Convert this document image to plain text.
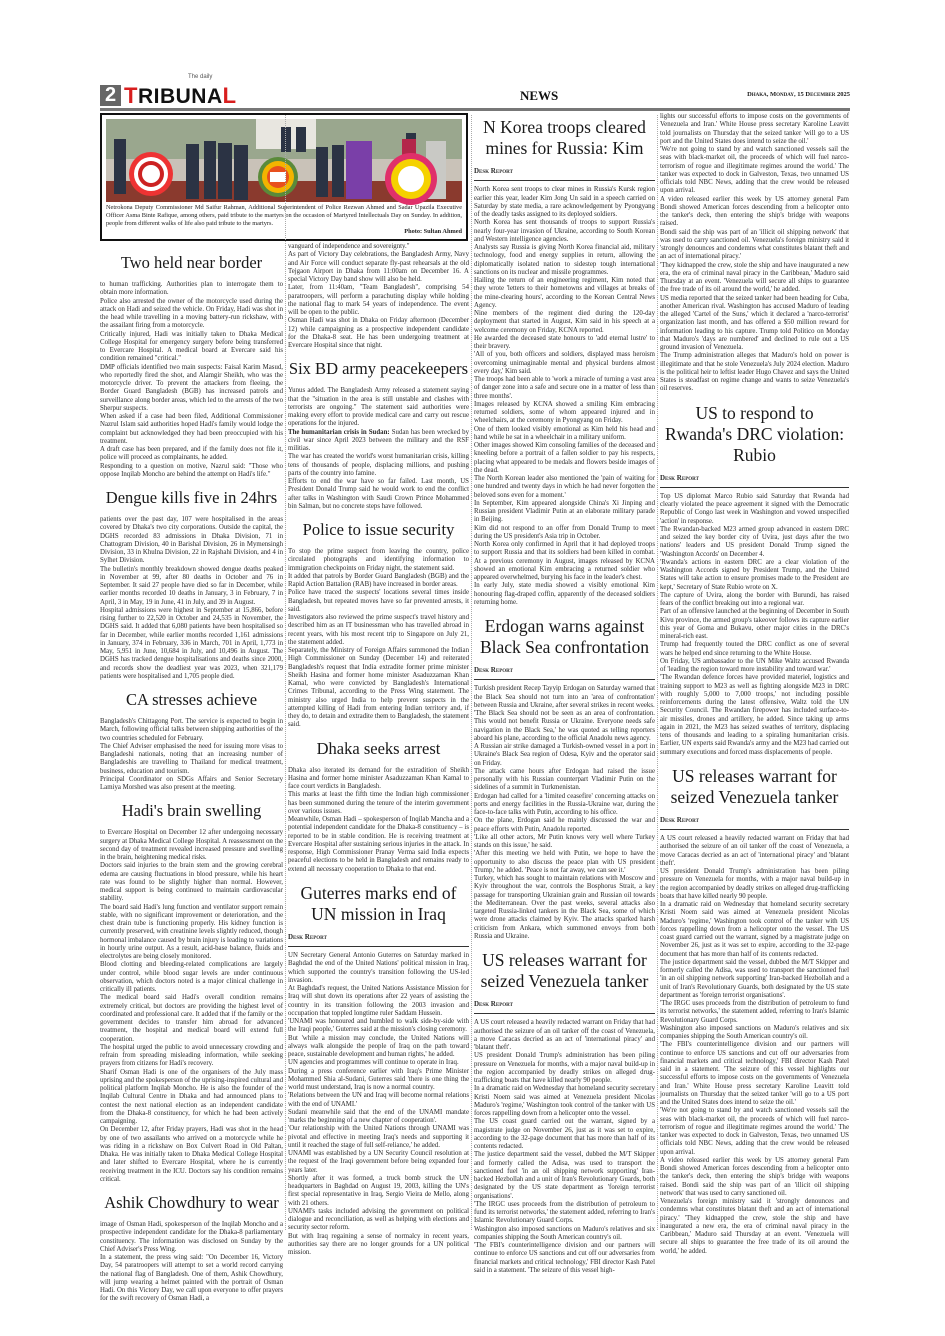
2
The daily
TRIBUNAL	NEWS	Dhaka, Monday, 15 December 2025
Netrokona Deputy Commissioner Md Saifur Rahman, Additional Superintendent of Police Rezwan Ahmed and Sadar Upazila Executive Officer Asma Binte Rafique, among others, paid tribute to the martyrs on the occasion of Martyred Intellectuals Day on Sunday. In addition, people from different walks of life also paid tribute to the martyrs.
Photo: Sultan Ahmed
Two held near border

to human trafficking. Authorities plan to interrogate them to obtain more information.

Police also arrested the owner of the motorcycle used during the attack on Hadi and seized the vehicle. On Friday, Hadi was shot in the head while travelling in a moving battery-run rickshaw, with the assailant firing from a motorcycle.

Critically injured, Hadi was initially taken to Dhaka Medical College Hospital for emergency surgery before being transferred to Evercare Hospital. A medical board at Evercare said his condition remained "critical."

DMP officials identified two main suspects: Faisal Karim Masud, who reportedly fired the shot, and Alamgir Sheikh, who was the motorcycle driver. To prevent the attackers from fleeing, the Border Guard Bangladesh (BGB) has increased patrols and surveillance along border areas, which led to the arrests of the two Sherpur suspects.

When asked if a case had been filed, Additional Commissioner Nazrul Islam said authorities hoped Hadi's family would lodge the complaint but acknowledged they had been preoccupied with his treatment.

A draft case has been prepared, and if the family does not file it, police will proceed as complainants, he added.

Responding to a question on motive, Nazrul said: "Those who oppose Inqilab Moncho are behind the attempt on Hadi's life."

Dengue kills five in 24hrs

patients over the past day, 107 were hospitalised in the areas covered by Dhaka's two city corporations. Outside the capital, the DGHS recorded 83 admissions in Dhaka Division, 71 in Chattogram Division, 40 in Barishal Division, 26 in Mymensingh Division, 33 in Khulna Division, 22 in Rajshahi Division, and 4 in Sylhet Division.

The bulletin's monthly breakdown showed dengue deaths peaked in November at 99, after 80 deaths in October and 76 in September. It said 27 people have died so far in December, while earlier months recorded 10 deaths in January, 3 in February, 7 in April, 3 in May, 19 in June, 41 in July, and 39 in August.

Hospital admissions were highest in September at 15,866, before rising further to 22,520 in October and 24,535 in November, the DGHS said. It added that 6,080 patients have been hospitalised so far in December, while earlier months recorded 1,161 admissions in January, 374 in February, 336 in March, 701 in April, 1,773 in May, 5,951 in June, 10,684 in July, and 10,496 in August. The DGHS has tracked dengue hospitalisations and deaths since 2000, and records show the deadliest year was 2023, when 321,179 patients were hospitalised and 1,705 people died.

CA stresses achieve

Bangladesh's Chittagong Port. The service is expected to begin in March, following official talks between shipping authorities of the two countries scheduled for February.

The Chief Adviser emphasised the need for issuing more visas to Bangladeshi nationals, noting that an increasing number of Bangladeshis are travelling to Thailand for medical treatment, business, education and tourism.

Principal Coordinator on SDGs Affairs and Senior Secretary Lamiya Morshed was also present at the meeting.

Hadi's brain swelling

to Evercare Hospital on December 12 after undergoing necessary surgery at Dhaka Medical College Hospital. A reassessment on the second day of treatment revealed increased pressure and swelling in the brain, heightening medical risks.

Doctors said injuries to the brain stem and the growing cerebral edema are causing fluctuations in blood pressure, while his heart rate was found to be slightly higher than normal. However, medical support is being continued to maintain cardiovascular stability.

The board said Hadi's lung function and ventilator support remain stable, with no significant improvement or deterioration, and the chest drain tube is functioning properly. His kidney function is currently preserved, with creatinine levels slightly reduced, though hormonal imbalance caused by brain injury is leading to variations in hourly urine output. As a result, acid-base balance, fluids and electrolytes are being closely monitored.

Blood clotting and bleeding-related complications are largely under control, while blood sugar levels are under continuous observation, which doctors noted is a major clinical challenge in critically ill patients.

The medical board said Hadi's overall condition remains extremely critical, but doctors are providing the highest level of coordinated and professional care. It added that if the family or the government decides to transfer him abroad for advanced treatment, the hospital and medical board will extend full cooperation.

The hospital urged the public to avoid unnecessary crowding and refrain from spreading misleading information, while seeking prayers from citizens for Hadi's recovery.

Sharif Osman Hadi is one of the organisers of the July mass uprising and the spokesperson of the uprising-inspired cultural and political platform Inqilab Moncho. He is also the founder of the Inqilab Cultural Centre in Dhaka and had announced plans to contest the next national election as an independent candidate from the Dhaka-8 constituency, for which he had been actively campaigning.

On December 12, after Friday prayers, Hadi was shot in the head by one of two assailants who arrived on a motorcycle while he was riding in a rickshaw on Box Culvert Road in Old Paltan, Dhaka. He was initially taken to Dhaka Medical College Hospital and later shifted to Evercare Hospital, where he is currently receiving treatment in the ICU. Doctors say his condition remains critical.

Ashik Chowdhury to wear

image of Osman Hadi, spokesperson of the Inqilab Moncho and a prospective independent candidate for the Dhaka-8 parliamentary constituency. The information was disclosed on Sunday by the Chief Adviser's Press Wing.

In a statement, the press wing said: "On December 16, Victory Day, 54 paratroopers will attempt to set a world record carrying the national flag of Bangladesh. One of them, Ashik Chowdhury, will jump wearing a helmet painted with the portrait of Osman Hadi. On this Victory Day, we call upon everyone to offer prayers for the swift recovery of Osman Hadi, a

vanguard of independence and sovereignty."

As part of Victory Day celebrations, the Bangladesh Army, Navy and Air Force will conduct separate fly-past rehearsals at the old Tejgaon Airport in Dhaka from 11:00am on December 16. A special Victory Day band show will also be held.

Later, from 11:40am, "Team Bangladesh", comprising 54 paratroopers, will perform a parachuting display while holding the national flag to mark 54 years of independence. The event will be open to the public.

Osman Hadi was shot in Dhaka on Friday afternoon (December 12) while campaigning as a prospective independent candidate for the Dhaka-8 seat. He has been undergoing treatment at Evercare Hospital since that night.

Six BD army peacekeepers

Yunus added. The Bangladesh Army released a statement saying that the "situation in the area is still unstable and clashes with terrorists are ongoing." The statement said authorities were making every effort to provide medical care and carry out rescue operations for the injured.

The humanitarian crisis in Sudan: Sudan has been wrecked by civil war since April 2023 between the military and the RSF militias.

The war has created the world's worst humanitarian crisis, killing tens of thousands of people, displacing millions, and pushing parts of the country into famine.

Efforts to end the war have so far failed. Last month, US President Donald Trump said he would work to end the conflict after talks in Washington with Saudi Crown Prince Mohammed bin Salman, but no concrete steps have followed.

Police to issue security

To stop the prime suspect from leaving the country, police circulated photographs and identifying information to immigration checkpoints on Friday night, the statement said.

It added that patrols by Border Guard Bangladesh (BGB) and the Rapid Action Battalion (RAB) have increased in border areas.

Police have traced the suspects' locations several times inside Bangladesh, but repeated moves have so far prevented arrests, it said.

Investigators also reviewed the prime suspect's travel history and described him as an IT businessman who has travelled abroad in recent years, with his most recent trip to Singapore on July 21, the statement added.

Separately, the Ministry of Foreign Affairs summoned the Indian High Commissioner on Sunday (December 14) and reiterated Bangladesh's request that India extradite former prime minister Sheikh Hasina and former home minister Asaduzzaman Khan Kamal, who were convicted by Bangladesh's International Crimes Tribunal, according to the Press Wing statement. The ministry also urged India to help prevent suspects in the attempted killing of Hadi from entering Indian territory and, if they do, to detain and extradite them to Bangladesh, the statement said.

Dhaka seeks arrest

Dhaka also iterated its demand for the extradition of Sheikh Hasina and former home minister Asaduzzaman Khan Kamal to face court verdicts in Bangladesh.

This marks at least the fifth time the Indian high commissioner has been summoned during the tenure of the interim government over various issues.

Meanwhile, Osman Hadi – spokesperson of Inqilab Mancha and a potential independent candidate for the Dhaka-8 constituency – is reported to be in stable condition. He is receiving treatment at Evercare Hospital after sustaining serious injuries in the attack. In response, High Commissioner Pranay Verma said India expects peaceful elections to be held in Bangladesh and remains ready to extend all necessary cooperation to Dhaka to that end.

Guterres marks end of UN mission in Iraq
Desk Report

UN Secretary General Antonio Guterres on Saturday marked in Baghdad the end of the United Nations' political mission in Iraq, which supported the country's transition following the US-led invasion.

At Baghdad's request, the United Nations Assistance Mission for Iraq will shut down its operations after 22 years of assisting the country in its transition following the 2003 invasion and occupation that toppled longtime ruler Saddam Hussein.

'UNAMI was honoured and humbled to walk side-by-side with the Iraqi people,' Guterres said at the mission's closing ceremony.

But 'while a mission may conclude, the United Nations will always walk alongside the people of Iraq on the path toward peace, sustainable development and human rights,' he added.

UN agencies and programmes will continue to operate in Iraq.

During a press conference earlier with Iraq's Prime Minister Mohammed Shia al-Sudani, Guterres said 'there is one thing the world must understand, Iraq is now a normal country.

'Relations between the UN and Iraq will become normal relations with the end of UNAMI.'

Sudani meanwhile said that the end of the UNAMI mandate 'marks the beginning of a new chapter of cooperation'.

'Our relationship with the United Nations through UNAMI was pivotal and effective in meeting Iraq's needs and supporting it until it reached the stage of full self-reliance,' he added.

UNAMI was established by a UN Security Council resolution at the request of the Iraqi government before being expanded four years later.

Shortly after it was formed, a truck bomb struck the UN headquarters in Baghdad on August 19, 2003, killing the UN's first special representative in Iraq, Sergio Vieira de Mello, along with 21 others.

UNAMI's tasks included advising the government on political dialogue and reconciliation, as well as helping with elections and security sector reform.

But with Iraq regaining a sense of normalcy in recent years, authorities say there are no longer grounds for a UN political mission.

N Korea troops cleared mines for Russia: Kim
Desk Report

North Korea sent troops to clear mines in Russia's Kursk region earlier this year, leader Kim Jong Un said in a speech carried on Saturday by state media, a rare acknowledgement by Pyongyang of the deadly tasks assigned to its deployed soldiers.

North Korea has sent thousands of troops to support Russia's nearly four-year invasion of Ukraine, according to South Korean and Western intelligence agencies.

Analysts say Russia is giving North Korea financial aid, military technology, food and energy supplies in return, allowing the diplomatically isolated nation to sidestep tough international sanctions on its nuclear and missile programmes.

Hailing the return of an engineering regiment, Kim noted that they wrote 'letters to their hometowns and villages at breaks of the mine-clearing hours', according to the Korean Central News Agency.

Nine members of the regiment died during the 120-day deployment that started in August, Kim said in his speech at a welcome ceremony on Friday, KCNA reported.

He awarded the deceased state honours to 'add eternal lustre' to their bravery.

'All of you, both officers and soldiers, displayed mass heroism overcoming unimaginable mental and physical burdens almost every day,' Kim said.

The troops had been able to 'work a miracle of turning a vast area of danger zone into a safe and secure one in a matter of less than three months'.

Images released by KCNA showed a smiling Kim embracing returned soldiers, some of whom appeared injured and in wheelchairs, at the ceremony in Pyongyang on Friday.

One of them looked visibly emotional as Kim held his head and hand while he sat in a wheelchair in a military uniform.

Other images showed Kim consoling families of the deceased and kneeling before a portrait of a fallen soldier to pay his respects, placing what appeared to be medals and flowers beside images of the dead.

The North Korean leader also mentioned the 'pain of waiting for one hundred and twenty days in which he had never forgotten the beloved sons even for a moment.'

In September, Kim appeared alongside China's Xi Jinping and Russian president Vladimir Putin at an elaborate military parade in Beijing.

Kim did not respond to an offer from Donald Trump to meet during the US president's Asia trip in October.

North Korea only confirmed in April that it had deployed troops to support Russia and that its soldiers had been killed in combat. At a previous ceremony in August, images released by KCNA showed an emotional Kim embracing a returned soldier who appeared overwhelmed, burying his face in the leader's chest.

In early July, state media showed a visibly emotional Kim honouring flag-draped coffin, apparently of the deceased soldiers returning home.

Erdogan warns against Black Sea confrontation
Desk Report

Turkish president Recep Tayyip Erdogan on Saturday warned that the Black Sea should not turn into an 'area of confrontation' between Russia and Ukraine, after several strikes in recent weeks.

'The Black Sea should not be seen as an area of confrontation. This would not benefit Russia or Ukraine. Everyone needs safe navigation in the Black Sea,' he was quoted as telling reporters aboard his plane, according to the official Anadolu news agency.

A Russian air strike damaged a Turkish-owned vessel in a port in Ukraine's Black Sea region of Odesa, Kyiv and the operator said on Friday.

The attack came hours after Erdogan had raised the issue personally with his Russian counterpart Vladimir Putin on the sidelines of a summit in Turkmenistan.

Erdogan had called for a 'limited ceasefire' concerning attacks on ports and energy facilities in the Russia-Ukraine war, during the face-to-face talks with Putin, according to his office.

On the plane, Erdogan said he mainly discussed the war and peace efforts with Putin, Anadolu reported.

'Like all other actors, Mr Putin knows very well where Turkey stands on this issue,' he said.

'After this meeting we held with Putin, we hope to have the opportunity to also discuss the peace plan with US president Trump,' he added. 'Peace is not far away, we can see it.'

Turkey, which has sought to maintain relations with Moscow and Kyiv throughout the war, controls the Bosphorus Strait, a key passage for transporting Ukrainian grain and Russian oil towards the Mediterranean. Over the past weeks, several attacks also targeted Russia-linked tankers in the Black Sea, some of which were drone attacks claimed by Kyiv. The attacks sparked harsh criticism from Ankara, which summoned envoys from both Russia and Ukraine.

US releases warrant for seized Venezuela tanker
Desk Report

A US court released a heavily redacted warrant on Friday that had authorised the seizure of an oil tanker off the coast of Venezuela, a move Caracas decried as an act of 'international piracy' and 'blatant theft'.

US president Donald Trump's administration has been piling pressure on Venezuela for months, with a major naval build-up in the region accompanied by deadly strikes on alleged drug-trafficking boats that have killed nearly 90 people.

In a dramatic raid on Wednesday that homeland security secretary Kristi Noem said was aimed at Venezuela president Nicolas Maduro's 'regime,' Washington took control of the tanker with US forces rappelling down from a helicopter onto the vessel.

The US coast guard carried out the warrant, signed by a magistrate judge on November 26, just as it was set to expire, according to the 32-page document that has more than half of its contents redacted.

The justice department said the vessel, dubbed the M/T Skipper and formerly called the Adisa, was used to transport the sanctioned fuel 'in an oil shipping network supporting' Iran-backed Hezbollah and a unit of Iran's Revolutionary Guards, both designated by the US state department as 'foreign terrorist organisations'.

'The IRGC uses proceeds from the distribution of petroleum to fund its terrorist networks,' the statement added, referring to Iran's Islamic Revolutionary Guard Corps.

Washington also imposed sanctions on Maduro's relatives and six companies shipping the South American country's oil.

'The FBI's counterintelligence division and our partners will continue to enforce US sanctions and cut off our adversaries from financial markets and critical technology,' FBI director Kash Patel said in a statement. 'The seizure of this vessel high-

lights our successful efforts to impose costs on the governments of Venezuela and Iran.' White House press secretary Karoline Leavitt told journalists on Thursday that the seized tanker 'will go to a US port and the United States does intend to seize the oil.'

'We're not going to stand by and watch sanctioned vessels sail the seas with black-market oil, the proceeds of which will fuel narco-terrorism of rogue and illegitimate regimes around the world.' The tanker was expected to dock in Galveston, Texas, two unnamed US officials told NBC News, adding that the crew would be released upon arrival.

A video released earlier this week by US attorney general Pam Bondi showed American forces descending from a helicopter onto the tanker's deck, then entering the ship's bridge with weapons raised.

Bondi said the ship was part of an 'illicit oil shipping network' that was used to carry sanctioned oil. Venezuela's foreign ministry said it 'strongly denounces and condemns what constitutes blatant theft and an act of international piracy.'

'They kidnapped the crew, stole the ship and have inaugurated a new era, the era of criminal naval piracy in the Caribbean,' Maduro said Thursday at an event. 'Venezuela will secure all ships to guarantee the free trade of its oil around the world,' he added.

US media reported that the seized tanker had been heading for Cuba, another American rival. Washington has accused Maduro of leading the alleged 'Cartel of the Suns,' which it declared a 'narco-terrorist' organization last month, and has offered a $50 million reward for information leading to his capture. Trump told Politico on Monday that Maduro's 'days are numbered' and declined to rule out a US ground invasion of Venezuela.

The Trump administration alleges that Maduro's hold on power is illegitimate and that he stole Venezuela's July 2024 election. Maduro is the political heir to leftist leader Hugo Chavez and says the United States is steadfast on regime change and wants to seize Venezuela's oil reserves.

US to respond to Rwanda's DRC violation: Rubio
Desk Report

Top US diplomat Marco Rubio said Saturday that Rwanda had clearly violated the peace agreement it signed with the Democratic Republic of Congo last week in Washington and vowed unspecified 'action' in response.

The Rwandan-backed M23 armed group advanced in eastern DRC and seized the key border city of Uvira, just days after the two nations' leaders and US president Donald Trump signed the 'Washington Accords' on December 4.

'Rwanda's actions in eastern DRC are a clear violation of the Washington Accords signed by President Trump, and the United States will take action to ensure promises made to the President are kept,' Secretary of State Rubio wrote on X.

The capture of Uvira, along the border with Burundi, has raised fears of the conflict breaking out into a regional war.

Part of an offensive launched at the beginning of December in South Kivu province, the armed group's takeover follows its capture earlier this year of Goma and Bukavu, other major cities in the DRC's mineral-rich east.

Trump had frequently touted the DRC conflict as one of several wars he helped end since returning to the White House.

On Friday, US ambassador to the UN Mike Waltz accused Rwanda of 'leading the region toward more instability and toward war.'

'The Rwandan defence forces have provided materiel, logistics and training support to M23 as well as fighting alongside M23 in DRC with roughly 5,000 to 7,000 troops,' not including possible reinforcements during the latest offensive, Waltz told the UN Security Council. The Rwandan firepower has included surface-to-air missiles, drones and artillery, he added. Since taking up arms again in 2021, the M23 has seized swathes of territory, displacing tens of thousands and leading to a spiraling humanitarian crisis. Earlier, UN experts said Rwanda's army and the M23 had carried out summary executions and forced mass displacements of people.

US releases warrant for seized Venezuela tanker
Desk Report

A US court released a heavily redacted warrant on Friday that had authorised the seizure of an oil tanker off the coast of Venezuela, a move Caracas decried as an act of 'international piracy' and 'blatant theft'.

US president Donald Trump's administration has been piling pressure on Venezuela for months, with a major naval build-up in the region accompanied by deadly strikes on alleged drug-trafficking boats that have killed nearly 90 people.

In a dramatic raid on Wednesday that homeland security secretary Kristi Noem said was aimed at Venezuela president Nicolas Maduro's 'regime,' Washington took control of the tanker with US forces rappelling down from a helicopter onto the vessel. The US coast guard carried out the warrant, signed by a magistrate judge on November 26, just as it was set to expire, according to the 32-page document that has more than half of its contents redacted.

The justice department said the vessel, dubbed the M/T Skipper and formerly called the Adisa, was used to transport the sanctioned fuel 'in an oil shipping network supporting' Iran-backed Hezbollah and a unit of Iran's Revolutionary Guards, both designated by the US state department as 'foreign terrorist organisations'.

'The IRGC uses proceeds from the distribution of petroleum to fund its terrorist networks,' the statement added, referring to Iran's Islamic Revolutionary Guard Corps.

Washington also imposed sanctions on Maduro's relatives and six companies shipping the South American country's oil.

'The FBI's counterintelligence division and our partners will continue to enforce US sanctions and cut off our adversaries from financial markets and critical technology,' FBI director Kash Patel said in a statement. 'The seizure of this vessel highlights our successful efforts to impose costs on the governments of Venezuela and Iran.' White House press secretary Karoline Leavitt told journalists on Thursday that the seized tanker 'will go to a US port and the United States does intend to seize the oil.'

'We're not going to stand by and watch sanctioned vessels sail the seas with black-market oil, the proceeds of which will fuel narco-terrorism of rogue and illegitimate regimes around the world.' The tanker was expected to dock in Galveston, Texas, two unnamed US officials told NBC News, adding that the crew would be released upon arrival.

A video released earlier this week by US attorney general Pam Bondi showed American forces descending from a helicopter onto the tanker's deck, then entering the ship's bridge with weapons raised. Bondi said the ship was part of an 'illicit oil shipping network' that was used to carry sanctioned oil.

Venezuela's foreign ministry said it 'strongly denounces and condemns what constitutes blatant theft and an act of international piracy.' 'They kidnapped the crew, stole the ship and have inaugurated a new era, the era of criminal naval piracy in the Caribbean,' Maduro said Thursday at an event. 'Venezuela will secure all ships to guarantee the free trade of its oil around the world,' he added.
